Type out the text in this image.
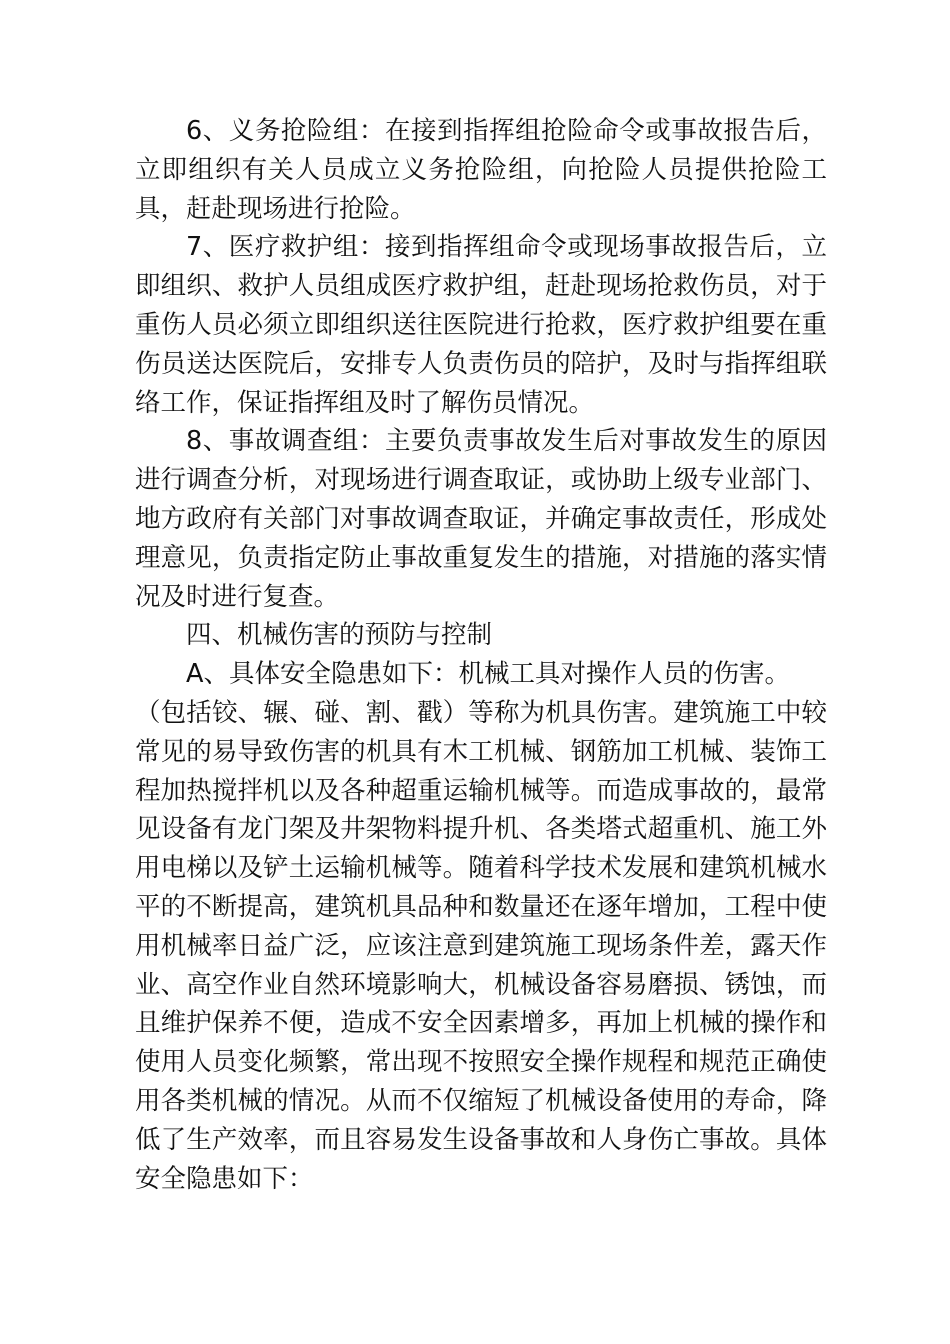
6、义务抢险组：在接到指挥组抢险命令或事故报告后，立即组织有关人员成立义务抢险组，向抢险人员提供抢险工具，赶赴现场进行抢险。

7、医疗救护组：接到指挥组命令或现场事故报告后，立即组织、救护人员组成医疗救护组，赶赴现场抢救伤员，对于重伤人员必须立即组织送往医院进行抢救，医疗救护组要在重伤员送达医院后，安排专人负责伤员的陪护，及时与指挥组联络工作，保证指挥组及时了解伤员情况。

8、事故调查组：主要负责事故发生后对事故发生的原因进行调查分析，对现场进行调查取证，或协助上级专业部门、地方政府有关部门对事故调查取证，并确定事故责任，形成处理意见，负责指定防止事故重复发生的措施，对措施的落实情况及时进行复查。

四、机械伤害的预防与控制

A、具体安全隐患如下：机械工具对操作人员的伤害。

（包括铰、辗、碰、割、戳）等称为机具伤害。建筑施工中较常见的易导致伤害的机具有木工机械、钢筋加工机械、装饰工程加热搅拌机以及各种超重运输机械等。而造成事故的，最常见设备有龙门架及井架物料提升机、各类塔式超重机、施工外用电梯以及铲土运输机械等。随着科学技术发展和建筑机械水平的不断提高，建筑机具品种和数量还在逐年增加，工程中使用机械率日益广泛，应该注意到建筑施工现场条件差，露天作业、高空作业自然环境影响大，机械设备容易磨损、锈蚀，而且维护保养不便，造成不安全因素增多，再加上机械的操作和使用人员变化频繁，常出现不按照安全操作规程和规范正确使用各类机械的情况。从而不仅缩短了机械设备使用的寿命，降低了生产效率，而且容易发生设备事故和人身伤亡事故。具体安全隐患如下：
